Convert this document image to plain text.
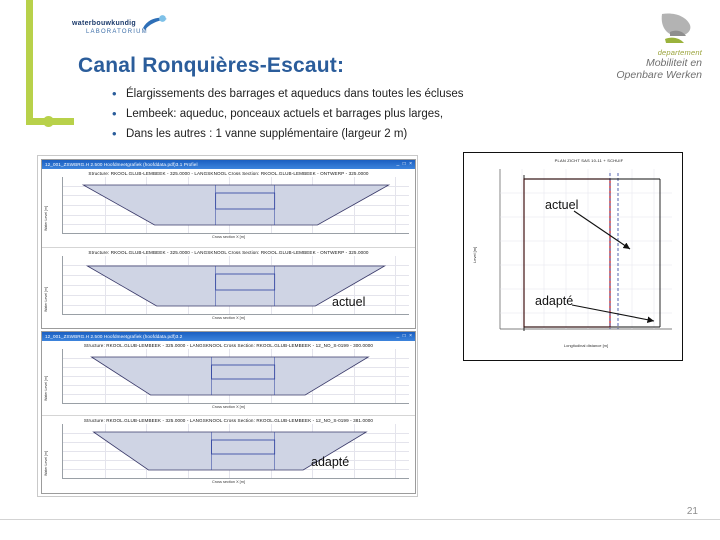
waterbouwkundig
LABORATORIUM
departement
Mobiliteit en
Openbare Werken
Canal Ronquières-Escaut:
• Élargissements des barrages et aqueducs dans toutes les écluses
• Lembeek: aqueduc, ponceaux actuels et barrages plus larges,
• Dans les autres : 1 vanne supplémentaire (largeur 2 m)
12_001_ZSWBRG.H 2.500 Hoofdmeetgrafiek (hoofddata.pdf)3.1 Profiel	_ □ ×
Structure: RKOOL.GLUB-LEMBEEK - 325.0000 - LANGSKNOOL Cross Section: RKOOL.GLUB-LEMBEEK - ONTWERP - 325.0000
Water Level [m]
Cross section X [m]
Structure: RKOOL.GLUB-LEMBEEK - 325.0000 - LANGSKNOOL Cross Section: RKOOL.GLUB-LEMBEEK - ONTWERP - 325.0000
Water Level [m]
Cross section X [m]
12_001_ZSWBRG.H 2.500 Hoofdmeetgrafiek (hoofddata.pdf)3.2	_ □ ×
Structure: RKOOL.GLUB-LEMBEEK - 325.0000 - LANGSKNOOL Cross Section: RKOOL.GLUB-LEMBEEK - 12_NO_S-0199 - 300.0000
Water Level [m]
Cross section X [m]
Structure: RKOOL.GLUB-LEMBEEK - 325.0000 - LANGSKNOOL Cross Section: RKOOL.GLUB-LEMBEEK - 12_NO_S-0199 - 381.0000
Water Level [m]
Cross section X [m]
PLAN ZICHT SAS 10-11 + SCHUIF
Level [m]
Longitudinal distance [m]
actuel
adapté
actuel
adapté
21
